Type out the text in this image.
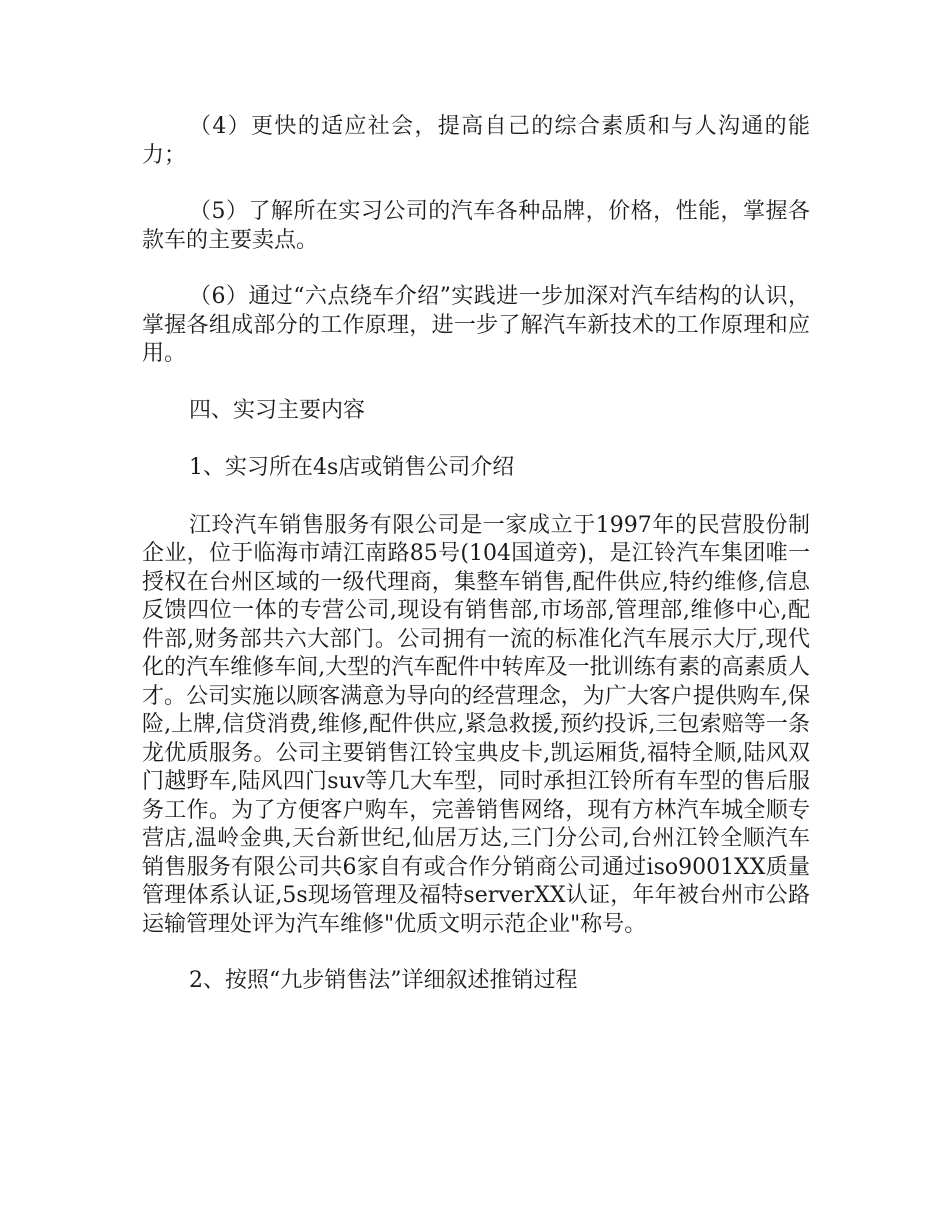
（4）更快的适应社会，提高自己的综合素质和与人沟通的能力；

（5）了解所在实习公司的汽车各种品牌，价格，性能，掌握各款车的主要卖点。

（6）通过“六点绕车介绍”实践进一步加深对汽车结构的认识，掌握各组成部分的工作原理，进一步了解汽车新技术的工作原理和应用。

四、实习主要内容

1、实习所在4s店或销售公司介绍

江玲汽车销售服务有限公司是一家成立于1997年的民营股份制企业，位于临海市靖江南路85号(104国道旁)，是江铃汽车集团唯一授权在台州区域的一级代理商，集整车销售,配件供应,特约维修,信息反馈四位一体的专营公司,现设有销售部,市场部,管理部,维修中心,配件部,财务部共六大部门。公司拥有一流的标准化汽车展示大厅,现代化的汽车维修车间,大型的汽车配件中转库及一批训练有素的高素质人才。公司实施以顾客满意为导向的经营理念，为广大客户提供购车,保险,上牌,信贷消费,维修,配件供应,紧急救援,预约投诉,三包索赔等一条龙优质服务。公司主要销售江铃宝典皮卡,凯运厢货,福特全顺,陆风双门越野车,陆风四门suv等几大车型，同时承担江铃所有车型的售后服务工作。为了方便客户购车，完善销售网络，现有方林汽车城全顺专营店,温岭金典,天台新世纪,仙居万达,三门分公司,台州江铃全顺汽车销售服务有限公司共6家自有或合作分销商公司通过iso9001XX质量管理体系认证,5s现场管理及福特serverXX认证，年年被台州市公路运输管理处评为汽车维修"优质文明示范企业"称号。

2、按照“九步销售法”详细叙述推销过程
